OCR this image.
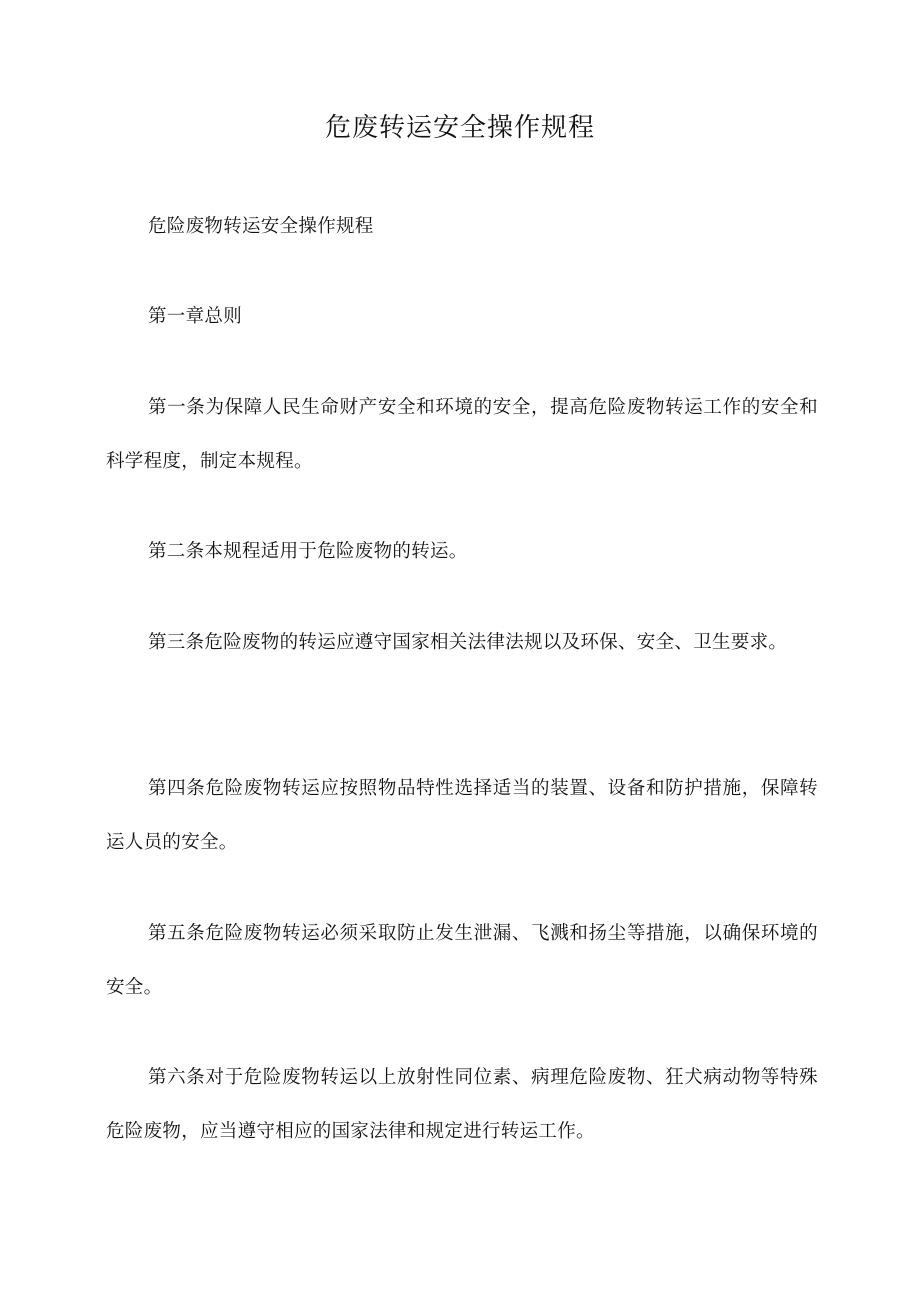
危废转运安全操作规程
危险废物转运安全操作规程
第一章总则
第一条为保障人民生命财产安全和环境的安全，提高危险废物转运工作的安全和科学程度，制定本规程。
第二条本规程适用于危险废物的转运。
第三条危险废物的转运应遵守国家相关法律法规以及环保、安全、卫生要求。
第四条危险废物转运应按照物品特性选择适当的装置、设备和防护措施，保障转运人员的安全。
第五条危险废物转运必须采取防止发生泄漏、飞溅和扬尘等措施，以确保环境的安全。
第六条对于危险废物转运以上放射性同位素、病理危险废物、狂犬病动物等特殊危险废物，应当遵守相应的国家法律和规定进行转运工作。
